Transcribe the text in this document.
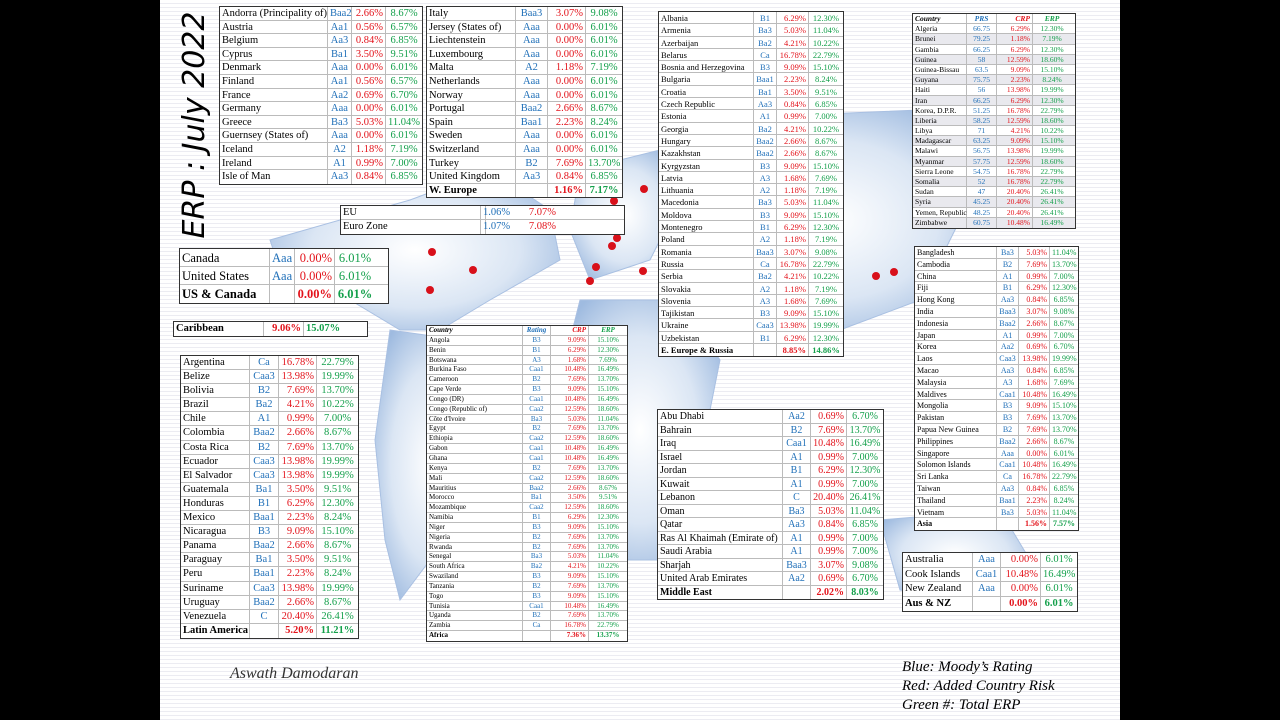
ERP : July 2022 Andorra (Principality of) Baa2 2.66% 8.67%
Austria	Aa1 0.56% 6.57%
Belgium	Aa3 0.84% 6.85%
Cyprus	Ba1 3.50% 9.51%
Denmark	Aaa 0.00% 6.01%
Finland	Aa1 0.56% 6.57%
France	Aa2 0.69% 6.70%
Germany	Aaa 0.00% 6.01%
Greece	Ba3 5.03% 11.04%
Guernsey (States of)	Aaa 0.00% 6.01%
Iceland	A2 1.18% 7.19%
Ireland	A1 0.99% 7.00%
Isle of Man	Aa3 0.84% 6.85%
Italy	Baa3	3.07% 9.08%
Jersey (States of)	Aaa	0.00% 6.01%
Liechtenstein	Aaa	0.00% 6.01%
Luxembourg	Aaa	0.00% 6.01%
Malta	A2	1.18% 7.19%
Netherlands	Aaa	0.00% 6.01%
Norway	Aaa	0.00% 6.01%
Portugal	Baa2	2.66% 8.67%
Spain	Baa1	2.23% 8.24%
Sweden	Aaa	0.00% 6.01%
Switzerland	Aaa	0.00% 6.01%
Turkey	B2	7.69% 13.70%
United Kingdom	Aa3	0.84% 6.85%
W. Europe	1.16% 7.17%
EU	1.06%	7.07%
Euro Zone	1.07%	7.08%
Canada	Aaa 0.00% 6.01%
United States	Aaa 0.00% 6.01%
US & Canada	0.00% 6.01%
Caribbean	9.06% 15.07%
Argentina	Ca	16.78% 22.79%
Belize	Caa3 13.98% 19.99%
Bolivia	B2	7.69% 13.70%
Brazil	Ba2	4.21% 10.22%
Chile	A1	0.99% 7.00%
Colombia	Baa2	2.66% 8.67%
Costa Rica	B2	7.69% 13.70%
Ecuador	Caa3 13.98% 19.99%
El Salvador	Caa3 13.98% 19.99%
Guatemala	Ba1	3.50% 9.51%
Honduras	B1	6.29% 12.30%
Mexico	Baa1	2.23% 8.24%
Nicaragua	B3	9.09% 15.10%
Panama	Baa2	2.66% 8.67%
Paraguay	Ba1	3.50% 9.51%
Peru	Baa1	2.23% 8.24%
Suriname	Caa3 13.98% 19.99%
Uruguay	Baa2	2.66% 8.67%
Venezuela	C	20.40% 26.41%
Latin America	5.20% 11.21%
Country	Rating	CRP	ERP
Angola	B3	9.09%	15.10%
Benin	B1	6.29%	12.30%
Botswana	A3	1.68%	7.69%
Burkina Faso	Caa1	10.48%	16.49%
Cameroon	B2	7.69%	13.70%
Cape Verde	B3	9.09%	15.10%
Congo (DR)	Caa1	10.48%	16.49%
Congo (Republic of)	Caa2	12.59%	18.60%
Côte d'Ivoire	Ba3	5.03%	11.04%
Egypt	B2	7.69%	13.70%
Ethiopia	Caa2	12.59%	18.60%
Gabon	Caa1	10.48%	16.49%
Ghana	Caa1	10.48%	16.49%
Kenya	B2	7.69%	13.70%
Mali	Caa2	12.59%	18.60%
Mauritius	Baa2	2.66%	8.67%
Morocco	Ba1	3.50%	9.51%
Mozambique	Caa2	12.59%	18.60%
Namibia	B1	6.29%	12.30%
Niger	B3	9.09%	15.10%
Nigeria	B2	7.69%	13.70%
Rwanda	B2	7.69%	13.70%
Senegal	Ba3	5.03%	11.04%
South Africa	Ba2	4.21%	10.22%
Swaziland	B3	9.09%	15.10%
Tanzania	B2	7.69%	13.70%
Togo	B3	9.09%	15.10%
Tunisia	Caa1	10.48%	16.49%
Uganda	B2	7.69%	13.70%
Zambia	Ca	16.78%	22.79%
Africa	7.36%	13.37%
Albania	B1	6.29% 12.30%
Armenia	Ba3	5.03% 11.04%
Azerbaijan	Ba2	4.21% 10.22%
Belarus	Ca	16.78% 22.79%
Bosnia and Herzegovina	B3	9.09% 15.10%
Bulgaria	Baa1	2.23%	8.24%
Croatia	Ba1	3.50%	9.51%
Czech Republic	Aa3	0.84%	6.85%
Estonia	A1	0.99%	7.00%
Georgia	Ba2	4.21% 10.22%
Hungary	Baa2	2.66%	8.67%
Kazakhstan	Baa2	2.66%	8.67%
Kyrgyzstan	B3	9.09% 15.10%
Latvia	A3	1.68%	7.69%
Lithuania	A2	1.18%	7.19%
Macedonia	Ba3	5.03% 11.04%
Moldova	B3	9.09% 15.10%
Montenegro	B1	6.29% 12.30%
Poland	A2	1.18%	7.19%
Romania	Baa3	3.07%	9.08%
Russia	Ca	16.78% 22.79%
Serbia	Ba2	4.21% 10.22%
Slovakia	A2	1.18%	7.19%
Slovenia	A3	1.68%	7.69%
Tajikistan	B3	9.09% 15.10%
Ukraine	Caa3 13.98% 19.99%
Uzbekistan	B1	6.29% 12.30%
E. Europe & Russia	8.85% 14.86%
Abu Dhabi	Aa2	0.69% 6.70%
Bahrain	B2	7.69% 13.70%
Iraq	Caa1 10.48% 16.49%
Israel	A1	0.99% 7.00%
Jordan	B1	6.29% 12.30%
Kuwait	A1	0.99% 7.00%
Lebanon	C	20.40% 26.41%
Oman	Ba3	5.03% 11.04%
Qatar	Aa3	0.84% 6.85%
Ras Al Khaimah (Emirate of)	A1	0.99% 7.00%
Saudi Arabia	A1	0.99% 7.00%
Sharjah	Baa3	3.07% 9.08%
United Arab Emirates	Aa2	0.69% 6.70%
Middle East	2.02% 8.03%
Country	PRS	CRP	ERP
Algeria	66.75	6.29%	12.30%
Brunei	79.25	1.18%	7.19%
Gambia	66.25	6.29%	12.30%
Guinea	58	12.59%	18.60%
Guinea-Bissau	63.5	9.09%	15.10%
Guyana	75.75	2.23%	8.24%
Haiti	56	13.98%	19.99%
Iran	66.25	6.29%	12.30%
Korea, D.P.R.	51.25	16.78%	22.79%
Liberia	58.25	12.59%	18.60%
Libya	71	4.21%	10.22%
Madagascar	63.25	9.09%	15.10%
Malawi	56.75	13.98%	19.99%
Myanmar	57.75	12.59%	18.60%
Sierra Leone	54.75	16.78%	22.79%
Somalia	52	16.78%	22.79%
Sudan	47	20.40%	26.41%
Syria	45.25	20.40%	26.41%
Yemen, Republic 48.25	20.40%	26.41%
Zimbabwe	60.75	10.48%	16.49%
Bangladesh	Ba3	5.03% 11.04%
Cambodia	B2	7.69% 13.70%
China	A1	0.99% 7.00%
Fiji	B1	6.29% 12.30%
Hong Kong	Aa3	0.84% 6.85%
India	Baa3	3.07% 9.08%
Indonesia	Baa2	2.66% 8.67%
Japan	A1	0.99% 7.00%
Korea	Aa2	0.69% 6.70%
Laos	Caa3 13.98% 19.99%
Macao	Aa3	0.84% 6.85%
Malaysia	A3	1.68% 7.69%
Maldives	Caa1 10.48% 16.49%
Mongolia	B3	9.09% 15.10%
Pakistan	B3	7.69% 13.70%
Papua New Guinea	B2	7.69% 13.70%
Philippines	Baa2	2.66% 8.67%
Singapore	Aaa	0.00% 6.01%
Solomon Islands	Caa1 10.48% 16.49%
Sri Lanka	Ca	16.78% 22.79%
Taiwan	Aa3	0.84% 6.85%
Thailand	Baa1	2.23% 8.24%
Vietnam	Ba3	5.03% 11.04%
Asia	1.56% 7.57%
Australia	Aaa	0.00% 6.01%
Cook Islands	Caa1 10.48% 16.49%
New Zealand	Aaa	0.00% 6.01%
Aus & NZ	0.00% 6.01%
Aswath Damodaran	Blue: Moody’s Rating
Red: Added Country Risk
Green #: Total ERP
